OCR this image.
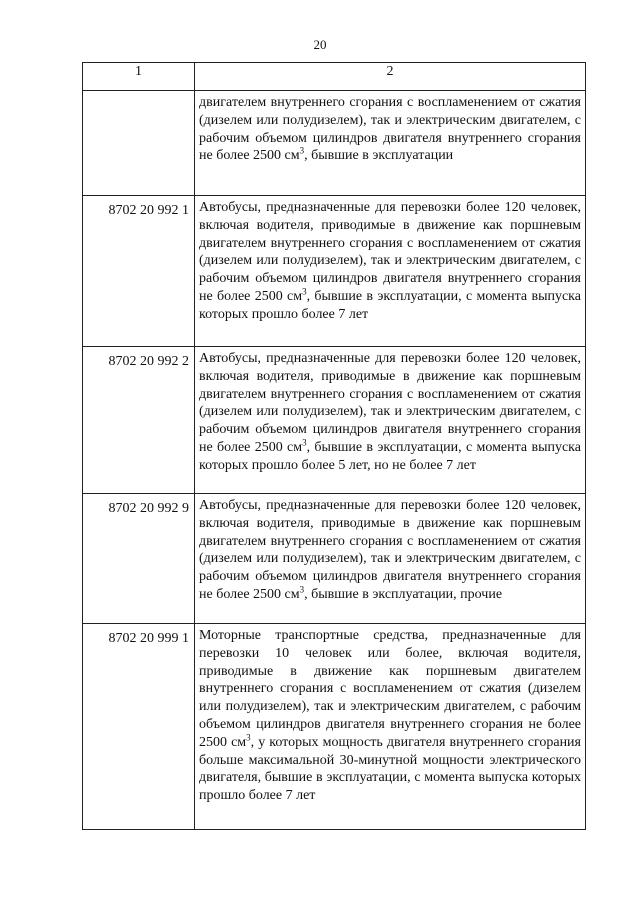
20
1	2
	двигателем внутреннего сгорания с воспламенением от сжатия (дизелем или полудизелем), так и электрическим двигателем, с рабочим объемом цилиндров двигателя внутреннего сгорания не более 2500 $см^3$, бывшие в эксплуатации
8702 20 992 1	Автобусы, предназначенные для перевозки более 120 человек, включая водителя, приводимые в движение как поршневым двигателем внутреннего сгорания с воспламенением от сжатия (дизелем или полудизелем), так и электрическим двигателем, с рабочим объемом цилиндров двигателя внутреннего сгорания не более 2500 $см^3$, бывшие в эксплуатации, с момента выпуска которых прошло более 7 лет
8702 20 992 2	Автобусы, предназначенные для перевозки более 120 человек, включая водителя, приводимые в движение как поршневым двигателем внутреннего сгорания с воспламенением от сжатия (дизелем или полудизелем), так и электрическим двигателем, с рабочим объемом цилиндров двигателя внутреннего сгорания не более 2500 $см^3$, бывшие в эксплуатации, с момента выпуска которых прошло более 5 лет, но не более 7 лет
8702 20 992 9	Автобусы, предназначенные для перевозки более 120 человек, включая водителя, приводимые в движение как поршневым двигателем внутреннего сгорания с воспламенением от сжатия (дизелем или полудизелем), так и электрическим двигателем, с рабочим объемом цилиндров двигателя внутреннего сгорания не более 2500 $см^3$, бывшие в эксплуатации, прочие
8702 20 999 1	Моторные транспортные средства, предназначенные для перевозки 10 человек или более, включая водителя, приводимые в движение как поршневым двигателем внутреннего сгорания с воспламенением от сжатия (дизелем или полудизелем), так и электрическим двигателем, с рабочим объемом цилиндров двигателя внутреннего сгорания не более 2500 $см^3$, у которых мощность двигателя внутреннего сгорания больше максимальной 30-минутной мощности электрического двигателя, бывшие в эксплуатации, с момента выпуска которых прошло более 7 лет
